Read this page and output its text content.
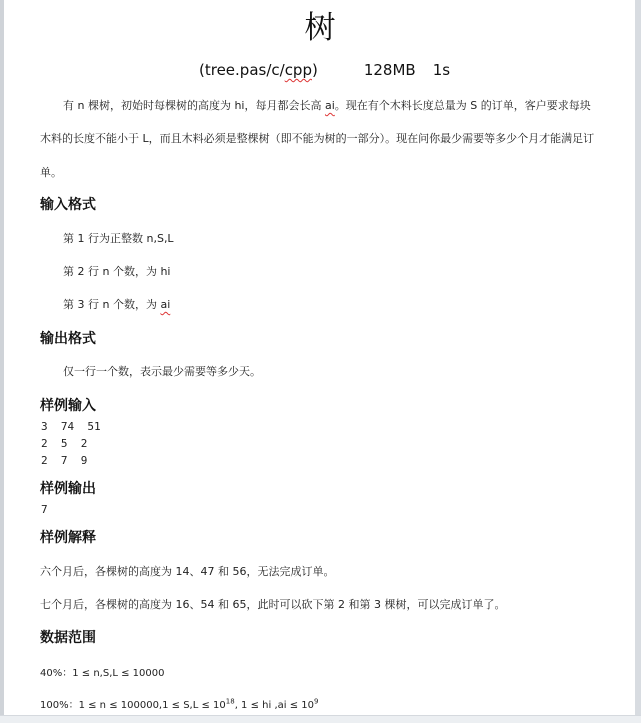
树
(tree.pas/c/cpp)	128MB 1s
有 n 棵树，初始时每棵树的高度为 hi，每月都会长高 ai。现在有个木料长度总量为 S 的订单，客户要求每块
木料的长度不能小于 L，而且木料必须是整棵树（即不能为树的一部分）。现在问你最少需要等多少个月才能满足订
单。
输入格式
第 1 行为正整数 n,S,L
第 2 行 n 个数，为 hi
第 3 行 n 个数，为 ai
输出格式
仅一行一个数，表示最少需要等多少天。
样例输入
3  74  51
2  5  2
2  7  9
样例输出
7
样例解释
六个月后，各棵树的高度为 14、47 和 56，无法完成订单。
七个月后，各棵树的高度为 16、54 和 65，此时可以砍下第 2 和第 3 棵树，可以完成订单了。
数据范围
40%：1 ≤ n,S,L ≤ 10000
100%：$1 \le n \le 100000,1 \le S,L \le 10^{18}$, 1 ≤ hi $,ai \le 10^9$
